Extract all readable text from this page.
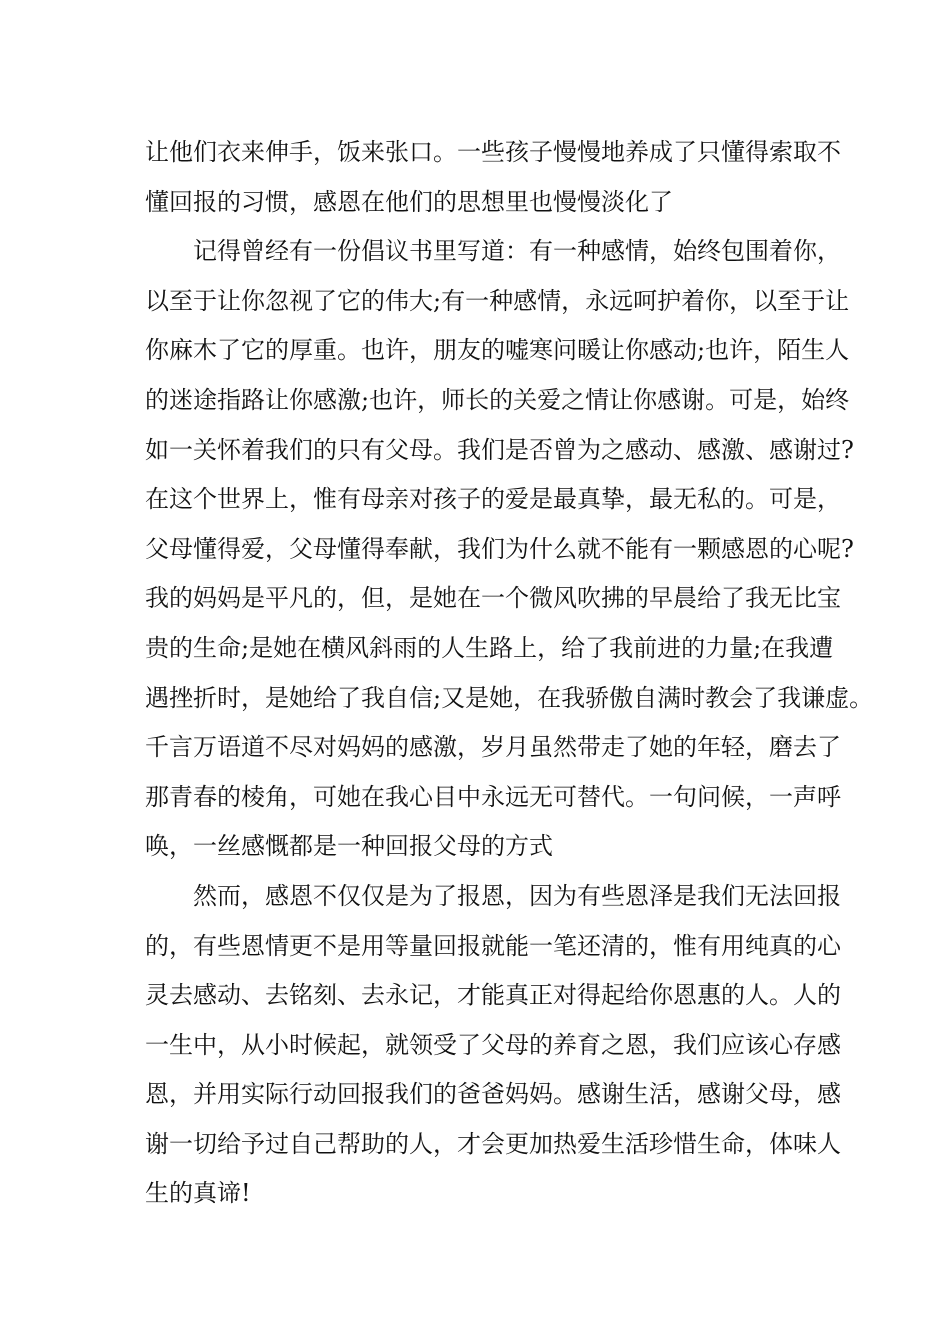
让他们衣来伸手，饭来张口。一些孩子慢慢地养成了只懂得索取不
懂回报的习惯，感恩在他们的思想里也慢慢淡化了
记得曾经有一份倡议书里写道：有一种感情，始终包围着你，
以至于让你忽视了它的伟大;有一种感情，永远呵护着你，以至于让
你麻木了它的厚重。也许，朋友的嘘寒问暖让你感动;也许，陌生人
的迷途指路让你感激;也许，师长的关爱之情让你感谢。可是，始终
如一关怀着我们的只有父母。我们是否曾为之感动、感激、感谢过?
在这个世界上，惟有母亲对孩子的爱是最真挚，最无私的。可是，
父母懂得爱，父母懂得奉献，我们为什么就不能有一颗感恩的心呢?
我的妈妈是平凡的，但，是她在一个微风吹拂的早晨给了我无比宝
贵的生命;是她在横风斜雨的人生路上，给了我前进的力量;在我遭
遇挫折时，是她给了我自信;又是她，在我骄傲自满时教会了我谦虚。
千言万语道不尽对妈妈的感激，岁月虽然带走了她的年轻，磨去了
那青春的棱角，可她在我心目中永远无可替代。一句问候，一声呼
唤，一丝感慨都是一种回报父母的方式
然而，感恩不仅仅是为了报恩，因为有些恩泽是我们无法回报
的，有些恩情更不是用等量回报就能一笔还清的，惟有用纯真的心
灵去感动、去铭刻、去永记，才能真正对得起给你恩惠的人。人的
一生中，从小时候起，就领受了父母的养育之恩，我们应该心存感
恩，并用实际行动回报我们的爸爸妈妈。感谢生活，感谢父母，感
谢一切给予过自己帮助的人，才会更加热爱生活珍惜生命，体味人
生的真谛!
